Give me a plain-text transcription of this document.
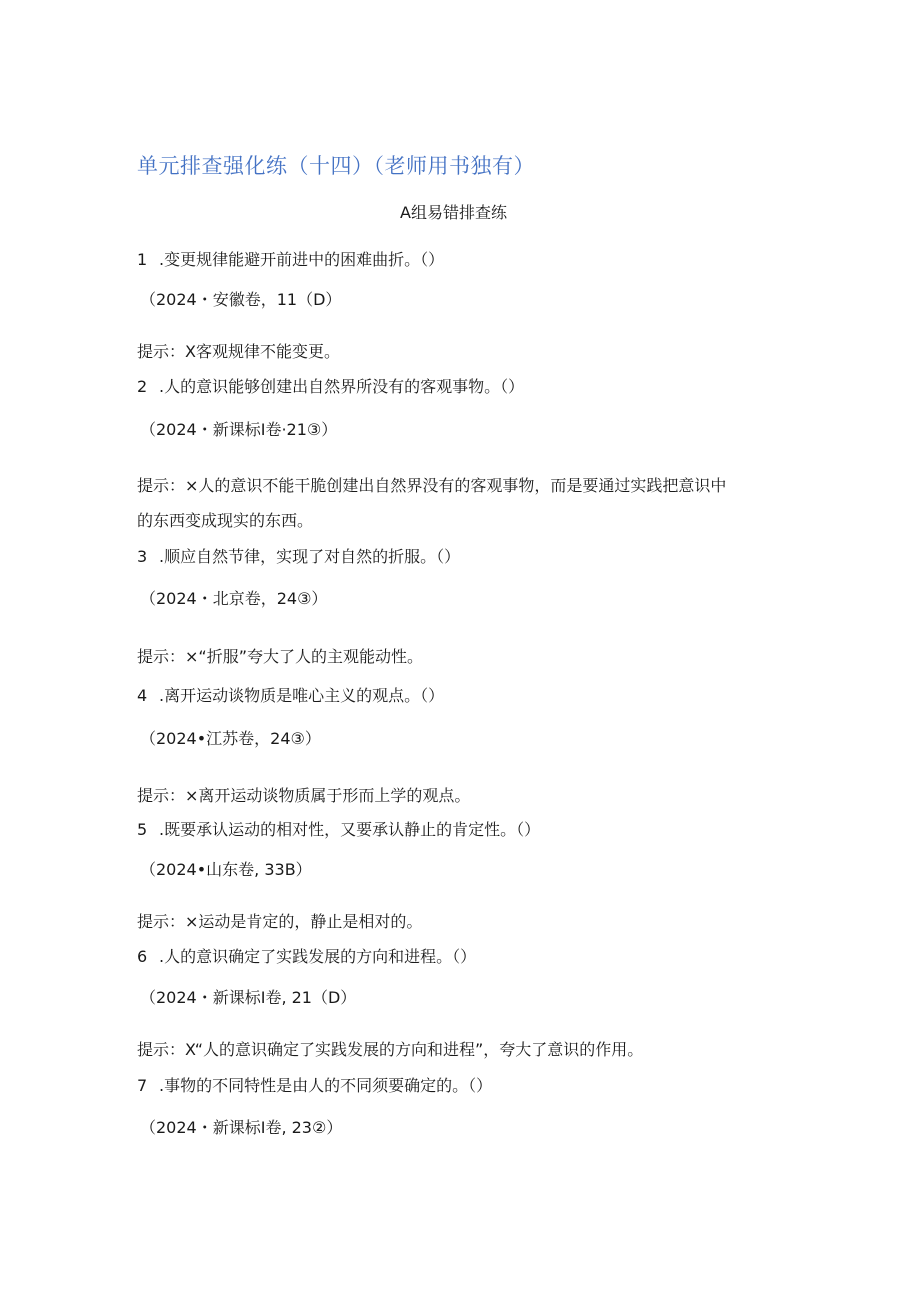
单元排查强化练（十四）（老师用书独有）
A组易错排查练
1 .变更规律能避开前进中的困难曲折。（）
（2024・安徽卷，11（D）
提示：X客观规律不能变更。
2 .人的意识能够创建出自然界所没有的客观事物。（）
（2024・新课标I卷·21③）
提示：×人的意识不能干脆创建出自然界没有的客观事物，而是要通过实践把意识中
的东西变成现实的东西。
3 .顺应自然节律，实现了对自然的折服。（）
（2024・北京卷，24③）
提示：×“折服”夸大了人的主观能动性。
4 .离开运动谈物质是唯心主义的观点。（）
（2024•江苏卷，24③）
提示：×离开运动谈物质属于形而上学的观点。
5 .既要承认运动的相对性，又要承认静止的肯定性。（）
（2024•山东卷, 33B）
提示：×运动是肯定的，静止是相对的。
6 .人的意识确定了实践发展的方向和进程。（）
（2024・新课标I卷, 21（D）
提示：X“人的意识确定了实践发展的方向和进程”，夸大了意识的作用。
7 .事物的不同特性是由人的不同须要确定的。（）
（2024・新课标I卷, 23②）
